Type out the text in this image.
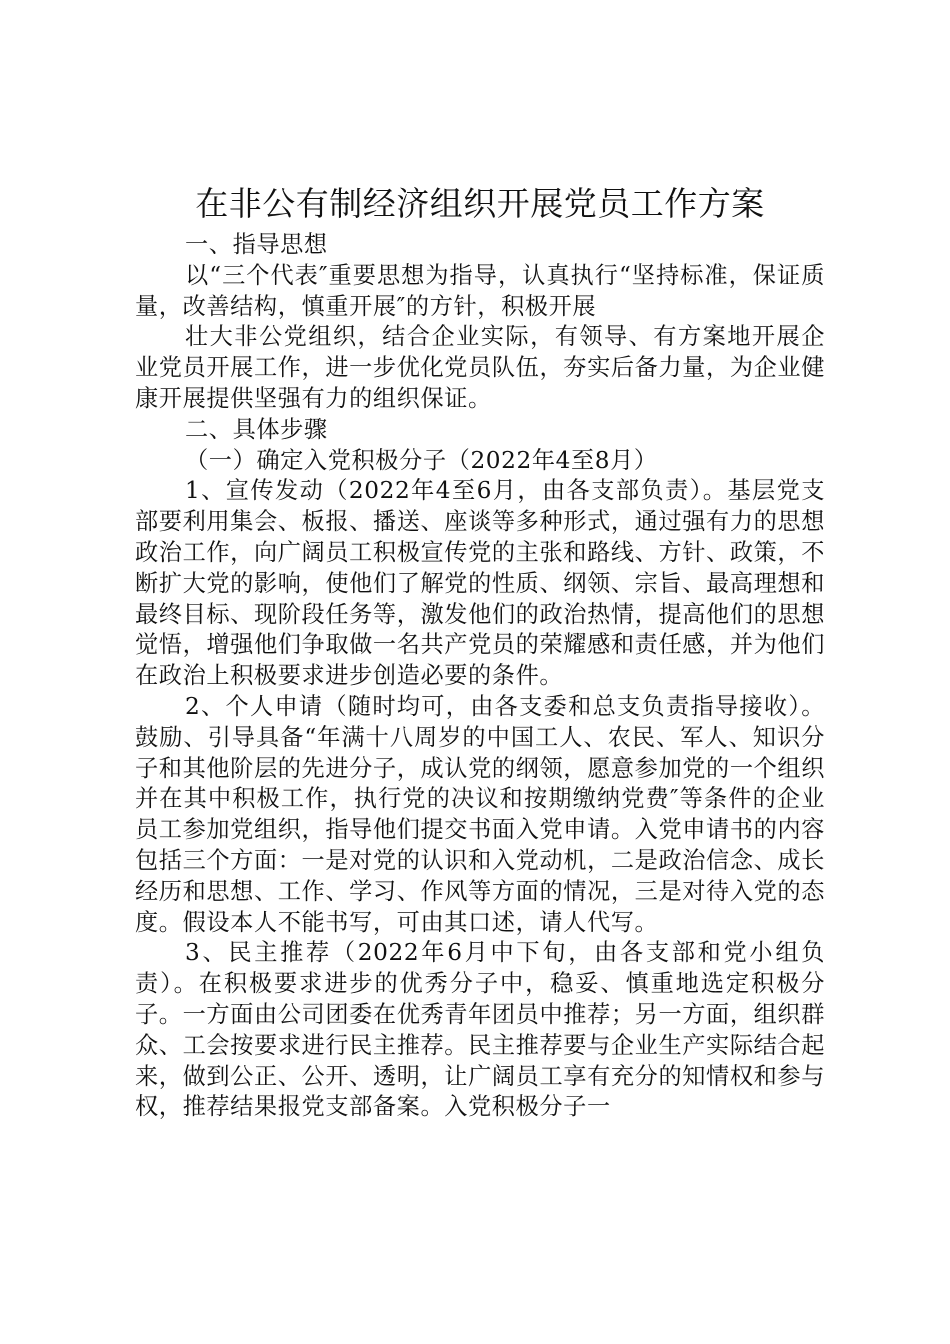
在非公有制经济组织开展党员工作方案

一、指导思想

以“三个代表″重要思想为指导，认真执行“坚持标准，保证质量，改善结构，慎重开展″的方针，积极开展

壮大非公党组织，结合企业实际，有领导、有方案地开展企业党员开展工作，进一步优化党员队伍，夯实后备力量，为企业健康开展提供坚强有力的组织保证。

二、具体步骤

（一）确定入党积极分子（2022年4至8月）

1、宣传发动（2022年4至6月，由各支部负责）。基层党支部要利用集会、板报、播送、座谈等多种形式，通过强有力的思想政治工作，向广阔员工积极宣传党的主张和路线、方针、政策，不断扩大党的影响，使他们了解党的性质、纲领、宗旨、最高理想和最终目标、现阶段任务等，激发他们的政治热情，提高他们的思想觉悟，增强他们争取做一名共产党员的荣耀感和责任感，并为他们在政治上积极要求进步创造必要的条件。

2、个人申请（随时均可，由各支委和总支负责指导接收）。鼓励、引导具备“年满十八周岁的中国工人、农民、军人、知识分子和其他阶层的先进分子，成认党的纲领，愿意参加党的一个组织并在其中积极工作，执行党的决议和按期缴纳党费″等条件的企业员工参加党组织，指导他们提交书面入党申请。入党申请书的内容包括三个方面：一是对党的认识和入党动机，二是政治信念、成长经历和思想、工作、学习、作风等方面的情况，三是对待入党的态度。假设本人不能书写，可由其口述，请人代写。

3、民主推荐（2022年6月中下旬，由各支部和党小组负责）。在积极要求进步的优秀分子中，稳妥、慎重地选定积极分子。一方面由公司团委在优秀青年团员中推荐；另一方面，组织群众、工会按要求进行民主推荐。民主推荐要与企业生产实际结合起来，做到公正、公开、透明，让广阔员工享有充分的知情权和参与权，推荐结果报党支部备案。入党积极分子一
